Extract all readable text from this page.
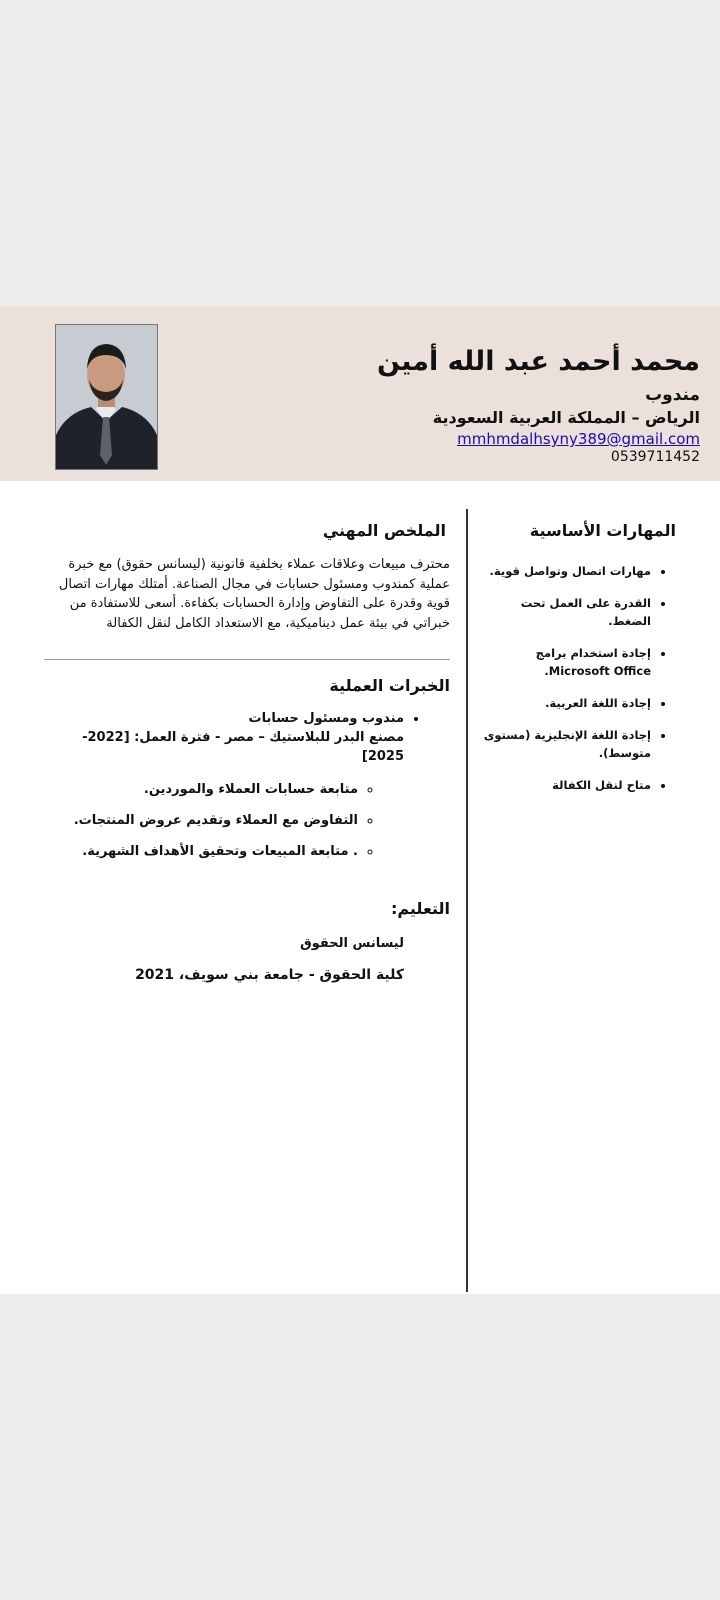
محمد أحمد عبد الله أمين
مندوب
الرياض – المملكة العربية السعودية
mmhmdalhsyny389@gmail.com
0539711452
المهارات الأساسية
• مهارات اتصال وتواصل قوية.
• القدرة على العمل تحت الضغط.
• إجادة استخدام برامج Microsoft Office.
• إجادة اللغة العربية.
• إجادة اللغة الإنجليزية (مستوى متوسط).
• متاح لنقل الكفالة
الملخص المهني

محترف مبيعات وعلاقات عملاء بخلفية قانونية (ليسانس حقوق) مع خبرة عملية كمندوب ومسئول حسابات في مجال الصناعة. أمتلك مهارات اتصال قوية وقدرة على التفاوض وإدارة الحسابات بكفاءة. أسعى للاستفادة من خبراتي في بيئة عمل ديناميكية، مع الاستعداد الكامل لنقل الكفالة

الخبرات العملية
• مندوب ومسئول حسابات
مصنع البدر للبلاستيك – مصر - فترة العمل: [2022-2025]
◦ متابعة حسابات العملاء والموردين.
◦ التفاوض مع العملاء وتقديم عروض المنتجات.
◦ . متابعة المبيعات وتحقيق الأهداف الشهرية.
التعليم:
ليسانس الحقوق
كلية الحقوق - جامعة بني سويف، 2021
